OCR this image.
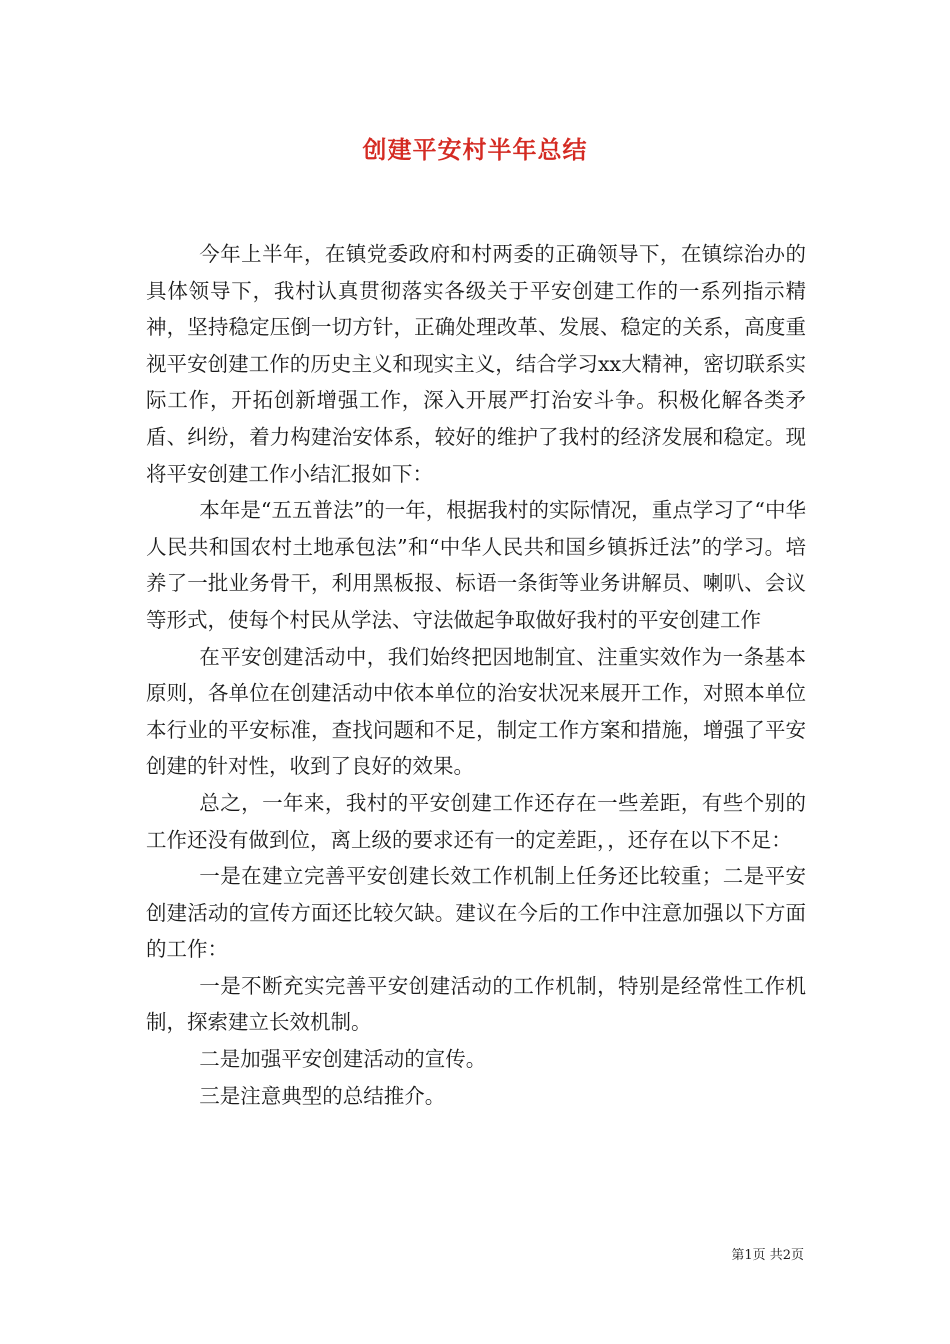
创建平安村半年总结

今年上半年，在镇党委政府和村两委的正确领导下，在镇综治办的具体领导下，我村认真贯彻落实各级关于平安创建工作的一系列指示精神，坚持稳定压倒一切方针，正确处理改革、发展、稳定的关系，高度重视平安创建工作的历史主义和现实主义，结合学习xx大精神，密切联系实际工作，开拓创新增强工作，深入开展严打治安斗争。积极化解各类矛盾、纠纷，着力构建治安体系，较好的维护了我村的经济发展和稳定。现将平安创建工作小结汇报如下：

本年是“五五普法”的一年，根据我村的实际情况，重点学习了“中华人民共和国农村土地承包法”和“中华人民共和国乡镇拆迁法”的学习。培养了一批业务骨干，利用黑板报、标语一条街等业务讲解员、喇叭、会议等形式，使每个村民从学法、守法做起争取做好我村的平安创建工作

在平安创建活动中，我们始终把因地制宜、注重实效作为一条基本原则，各单位在创建活动中依本单位的治安状况来展开工作，对照本单位本行业的平安标准，查找问题和不足，制定工作方案和措施，增强了平安创建的针对性，收到了良好的效果。

总之，一年来，我村的平安创建工作还存在一些差距，有些个别的工作还没有做到位，离上级的要求还有一的定差距，，还存在以下不足：

一是在建立完善平安创建长效工作机制上任务还比较重；二是平安创建活动的宣传方面还比较欠缺。建议在今后的工作中注意加强以下方面的工作：

一是不断充实完善平安创建活动的工作机制，特别是经常性工作机制，探索建立长效机制。

二是加强平安创建活动的宣传。

三是注意典型的总结推介。

第1页 共2页
